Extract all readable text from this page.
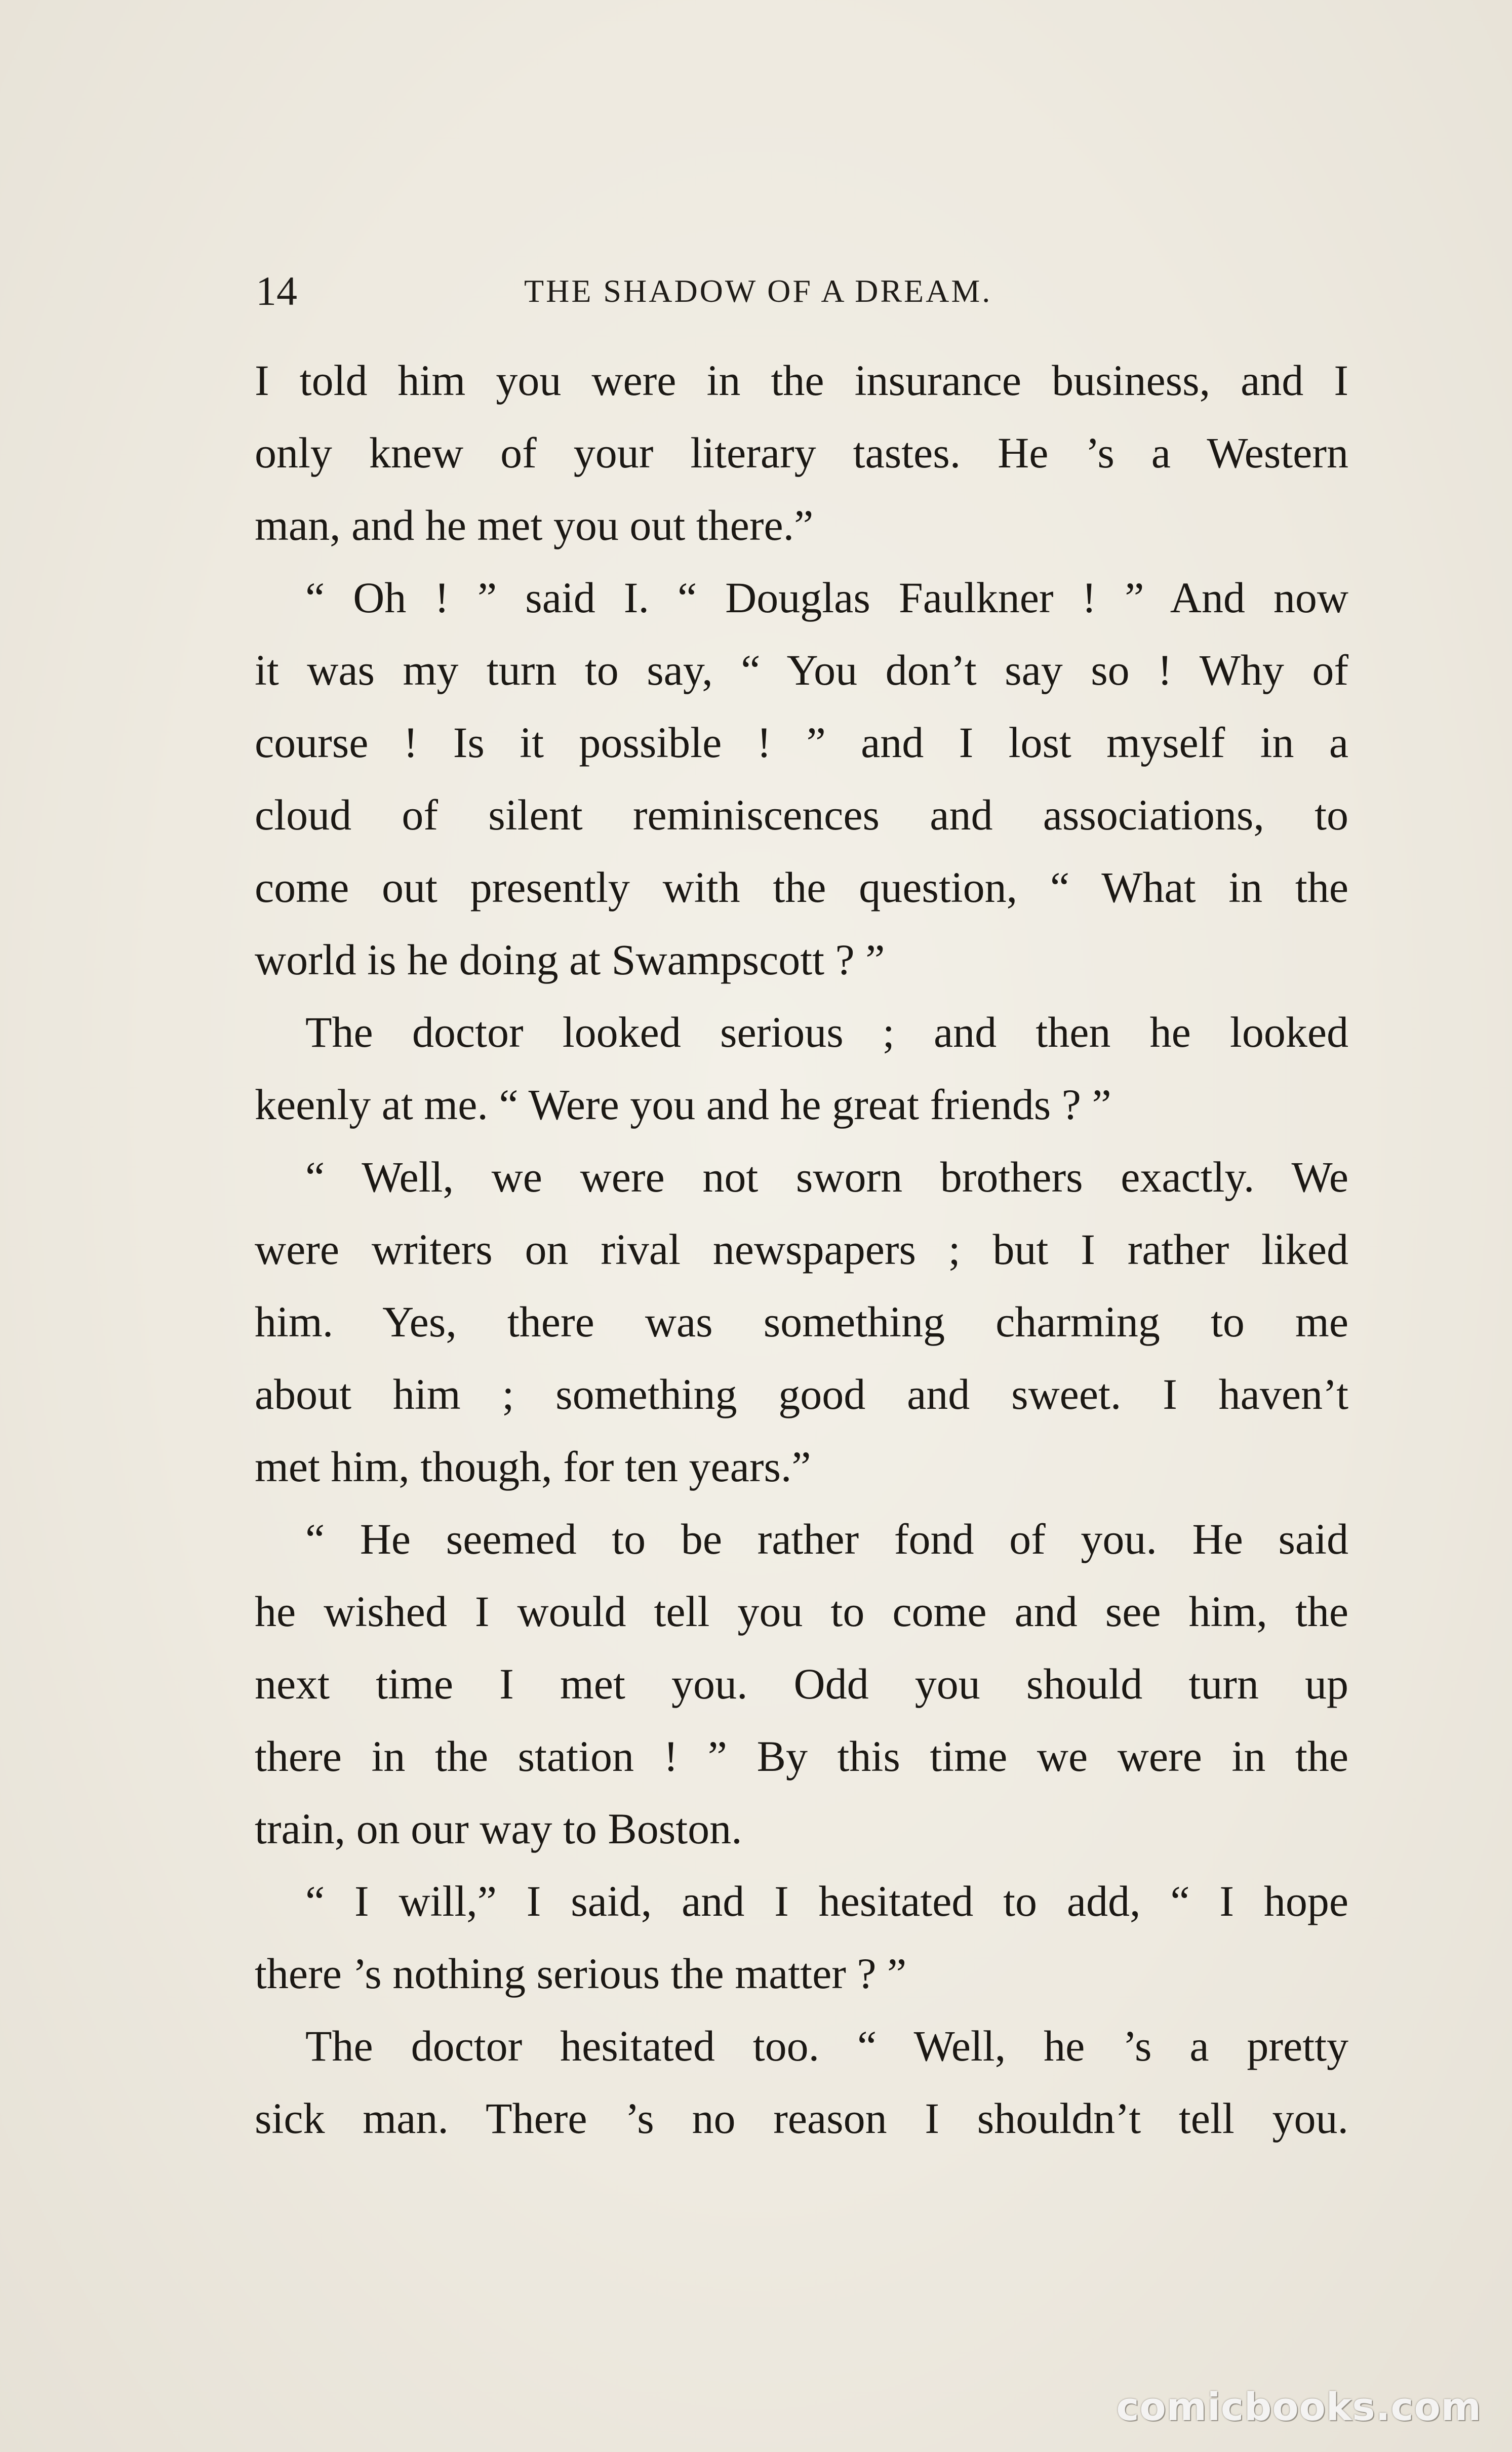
14	THE SHADOW OF A DREAM.
I told him you were in the insurance business, and I
only knew of your literary tastes. He ’s a Western
man, and he met you out there.”
“ Oh ! ” said I. “ Douglas Faulkner ! ” And now
it was my turn to say, “ You don’t say so ! Why of
course ! Is it possible ! ” and I lost myself in a
cloud of silent reminiscences and associations, to
come out presently with the question, “ What in the
world is he doing at Swampscott ? ”
The doctor looked serious ; and then he looked
keenly at me. “ Were you and he great friends ? ”
“ Well, we were not sworn brothers exactly. We
were writers on rival newspapers ; but I rather liked
him. Yes, there was something charming to me
about him ; something good and sweet. I haven’t
met him, though, for ten years.”
“ He seemed to be rather fond of you. He said
he wished I would tell you to come and see him, the
next time I met you. Odd you should turn up
there in the station ! ” By this time we were in the
train, on our way to Boston.
“ I will,” I said, and I hesitated to add, “ I hope
there ’s nothing serious the matter ? ”
The doctor hesitated too. “ Well, he ’s a pretty
sick man. There ’s no reason I shouldn’t tell you.
comicbooks.com
